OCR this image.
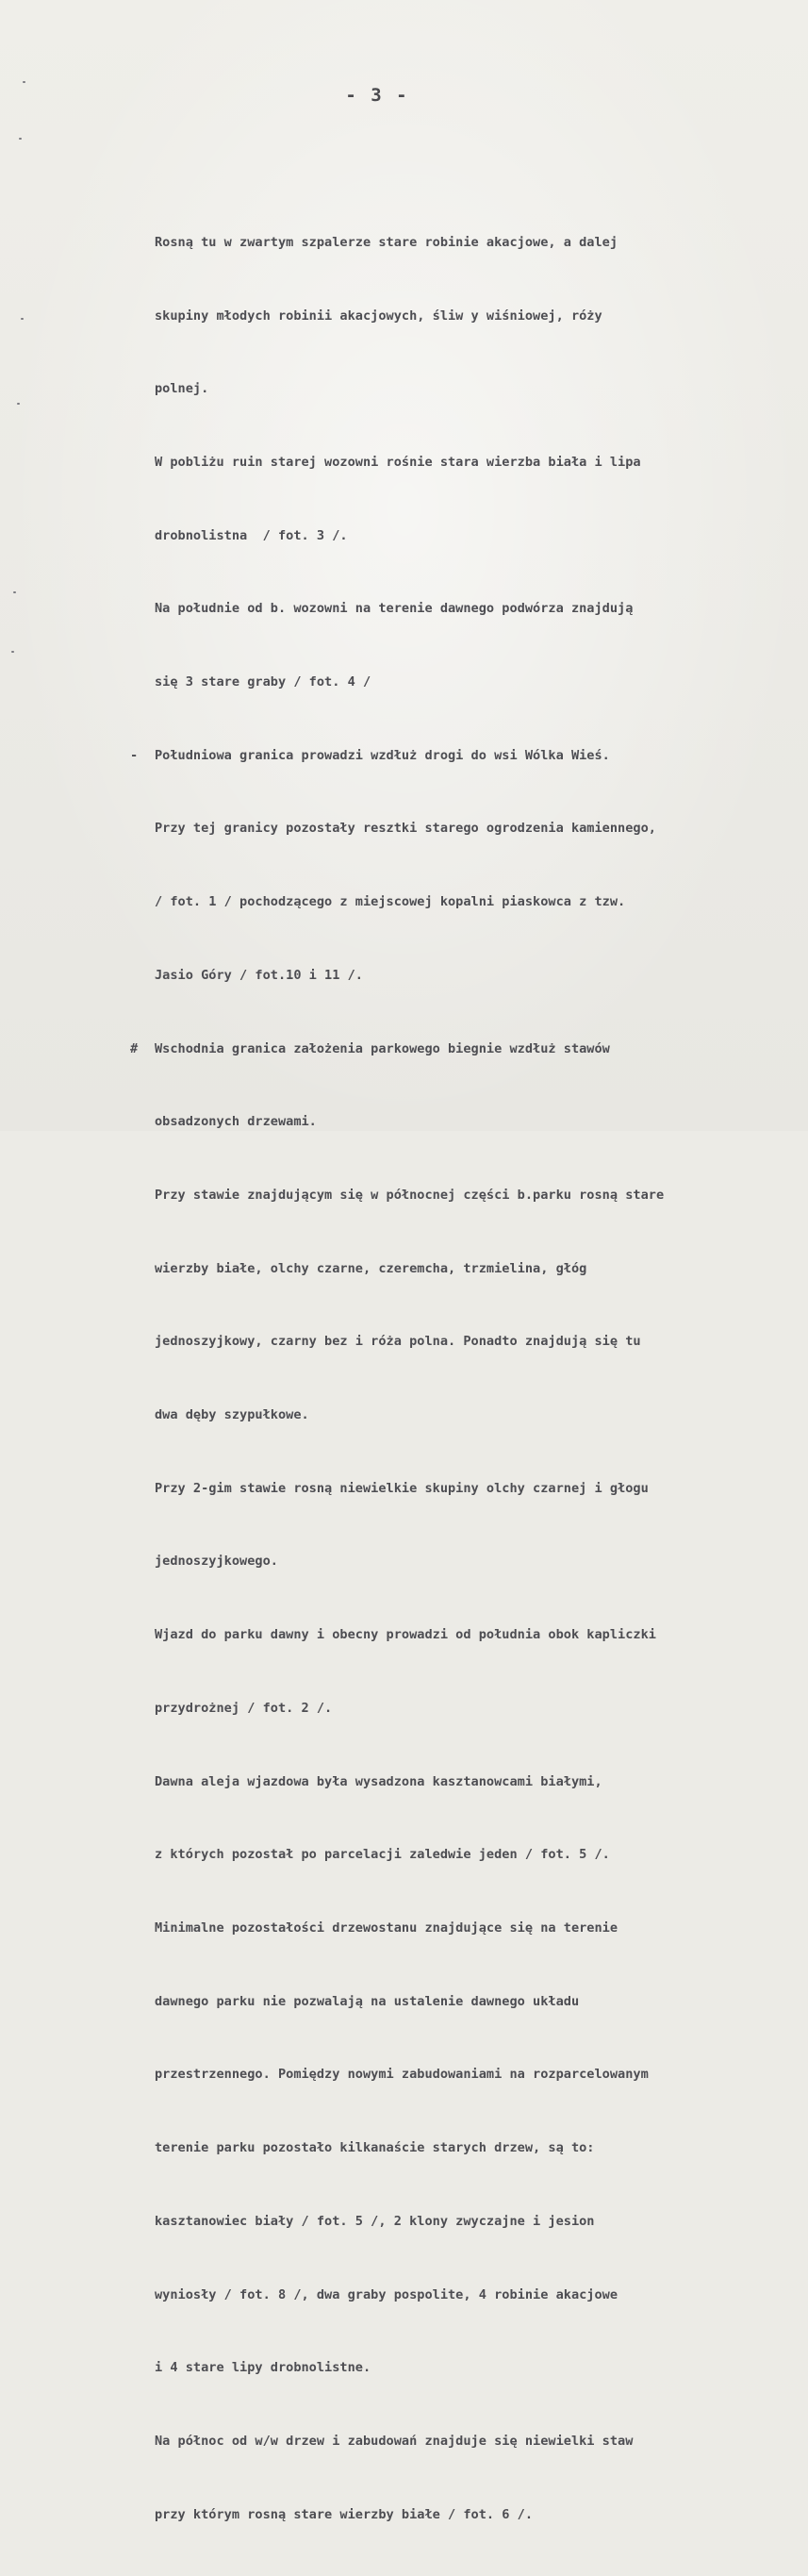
- 3 -

Rosną tu w zwartym szpalerze stare robinie akacjowe, a dalej

skupiny młodych robinii akacjowych, śliw y wiśniowej, róży

polnej.

W pobliżu ruin starej wozowni rośnie stara wierzba biała i lipa

drobnolistna  / fot. 3 /.

Na południe od b. wozowni na terenie dawnego podwórza znajdują

się 3 stare graby / fot. 4 /

-	Południowa granica prowadzi wzdłuż drogi do wsi Wólka Wieś.

Przy tej granicy pozostały resztki starego ogrodzenia kamiennego,

/ fot. 1 / pochodzącego z miejscowej kopalni piaskowca z tzw.

Jasio Góry / fot.10 i 11 /.

#	Wschodnia granica założenia parkowego biegnie wzdłuż stawów

obsadzonych drzewami.

Przy stawie znajdującym się w północnej części b.parku rosną stare

wierzby białe, olchy czarne, czeremcha, trzmielina, głóg

jednoszyjkowy, czarny bez i róża polna. Ponadto znajdują się tu

dwa dęby szypułkowe.

Przy 2-gim stawie rosną niewielkie skupiny olchy czarnej i głogu

jednoszyjkowego.

Wjazd do parku dawny i obecny prowadzi od południa obok kapliczki

przydrożnej / fot. 2 /.

Dawna aleja wjazdowa była wysadzona kasztanowcami białymi,

z których pozostał po parcelacji zaledwie jeden / fot. 5 /.

Minimalne pozostałości drzewostanu znajdujące się na terenie

dawnego parku nie pozwalają na ustalenie dawnego układu

przestrzennego. Pomiędzy nowymi zabudowaniami na rozparcelowanym

terenie parku pozostało kilkanaście starych drzew, są to:

kasztanowiec biały / fot. 5 /, 2 klony zwyczajne i jesion

wyniosły / fot. 8 /, dwa graby pospolite, 4 robinie akacjowe

i 4 stare lipy drobnolistne.

Na północ od w/w drzew i zabudowań znajduje się niewielki staw

przy którym rosną stare wierzby białe / fot. 6 /.
